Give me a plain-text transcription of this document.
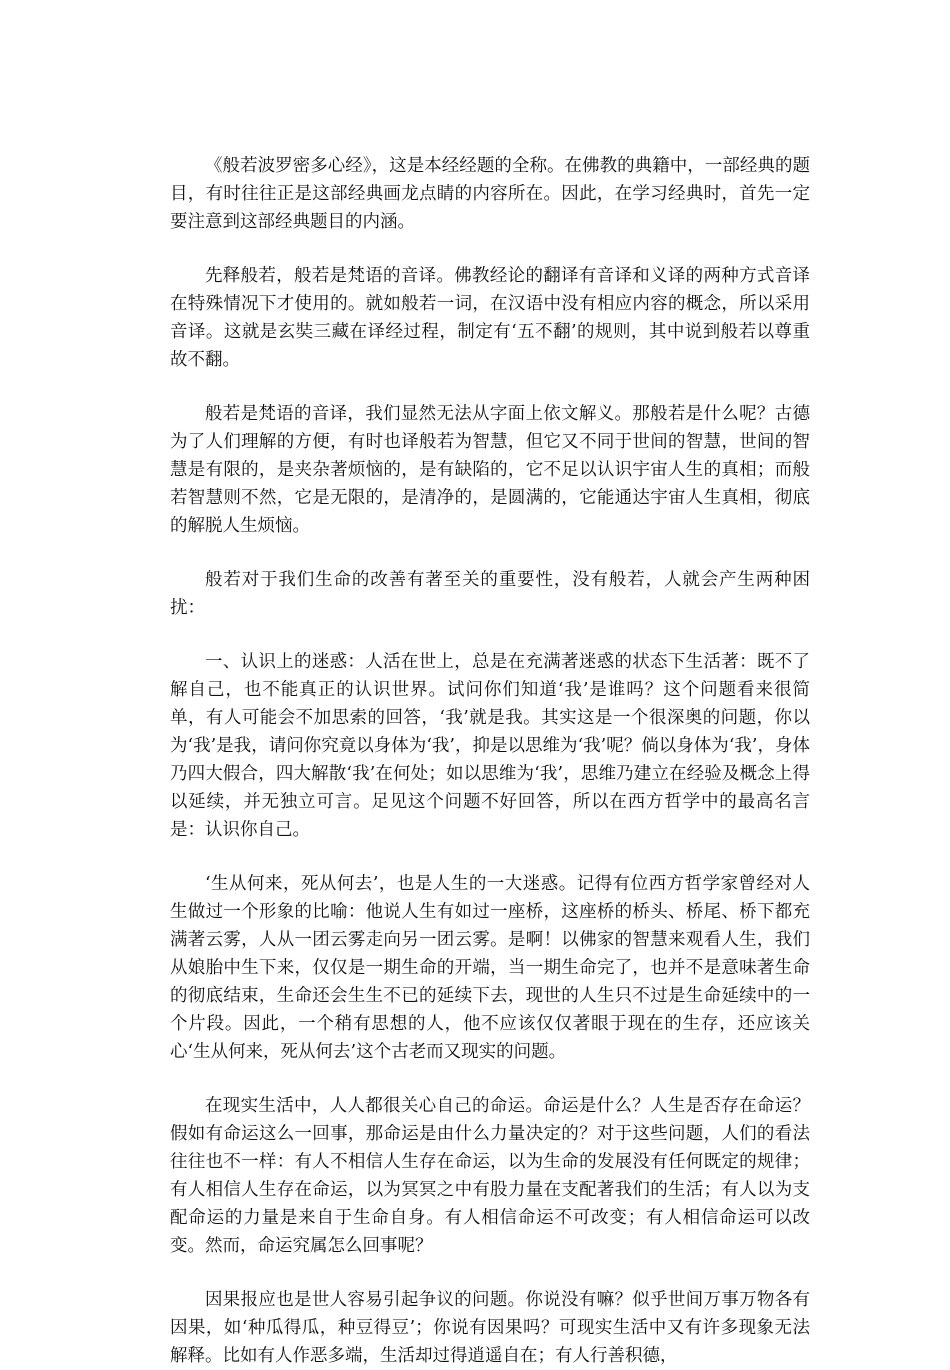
《般若波罗密多心经》，这是本经经题的全称。在佛教的典籍中，一部经典的题目，有时往往正是这部经典画龙点睛的内容所在。因此，在学习经典时，首先一定要注意到这部经典题目的内涵。

先释般若，般若是梵语的音译。佛教经论的翻译有音译和义译的两种方式音译在特殊情况下才使用的。就如般若一词，在汉语中没有相应内容的概念，所以采用音译。这就是玄奘三藏在译经过程，制定有‘五不翻’的规则，其中说到般若以尊重故不翻。

般若是梵语的音译，我们显然无法从字面上依文解义。那般若是什么呢？古德为了人们理解的方便，有时也译般若为智慧，但它又不同于世间的智慧，世间的智慧是有限的，是夹杂著烦恼的，是有缺陷的，它不足以认识宇宙人生的真相；而般若智慧则不然，它是无限的，是清净的，是圆满的，它能通达宇宙人生真相，彻底的解脱人生烦恼。

般若对于我们生命的改善有著至关的重要性，没有般若，人就会产生两种困扰：

一、认识上的迷惑：人活在世上，总是在充满著迷惑的状态下生活著：既不了解自己，也不能真正的认识世界。试问你们知道‘我’是谁吗？这个问题看来很简单，有人可能会不加思索的回答，‘我’就是我。其实这是一个很深奥的问题，你以为‘我’是我，请问你究竟以身体为‘我’，抑是以思维为‘我’呢？倘以身体为‘我’，身体乃四大假合，四大解散‘我’在何处；如以思维为‘我’，思维乃建立在经验及概念上得以延续，并无独立可言。足见这个问题不好回答，所以在西方哲学中的最高名言是：认识你自己。

‘生从何来，死从何去’，也是人生的一大迷惑。记得有位西方哲学家曾经对人生做过一个形象的比喻：他说人生有如过一座桥，这座桥的桥头、桥尾、桥下都充满著云雾，人从一团云雾走向另一团云雾。是啊！以佛家的智慧来观看人生，我们从娘胎中生下来，仅仅是一期生命的开端，当一期生命完了，也并不是意味著生命的彻底结束，生命还会生生不已的延续下去，现世的人生只不过是生命延续中的一个片段。因此，一个稍有思想的人，他不应该仅仅著眼于现在的生存，还应该关心‘生从何来，死从何去’这个古老而又现实的问题。

在现实生活中，人人都很关心自己的命运。命运是什么？人生是否存在命运？假如有命运这么一回事，那命运是由什么力量决定的？对于这些问题，人们的看法往往也不一样：有人不相信人生存在命运，以为生命的发展没有任何既定的规律；有人相信人生存在命运，以为冥冥之中有股力量在支配著我们的生活；有人以为支配命运的力量是来自于生命自身。有人相信命运不可改变；有人相信命运可以改变。然而，命运究属怎么回事呢？

因果报应也是世人容易引起争议的问题。你说没有嘛？似乎世间万事万物各有因果，如‘种瓜得瓜，种豆得豆’；你说有因果吗？可现实生活中又有许多现象无法解释。比如有人作恶多端，生活却过得逍遥自在；有人行善积德，
